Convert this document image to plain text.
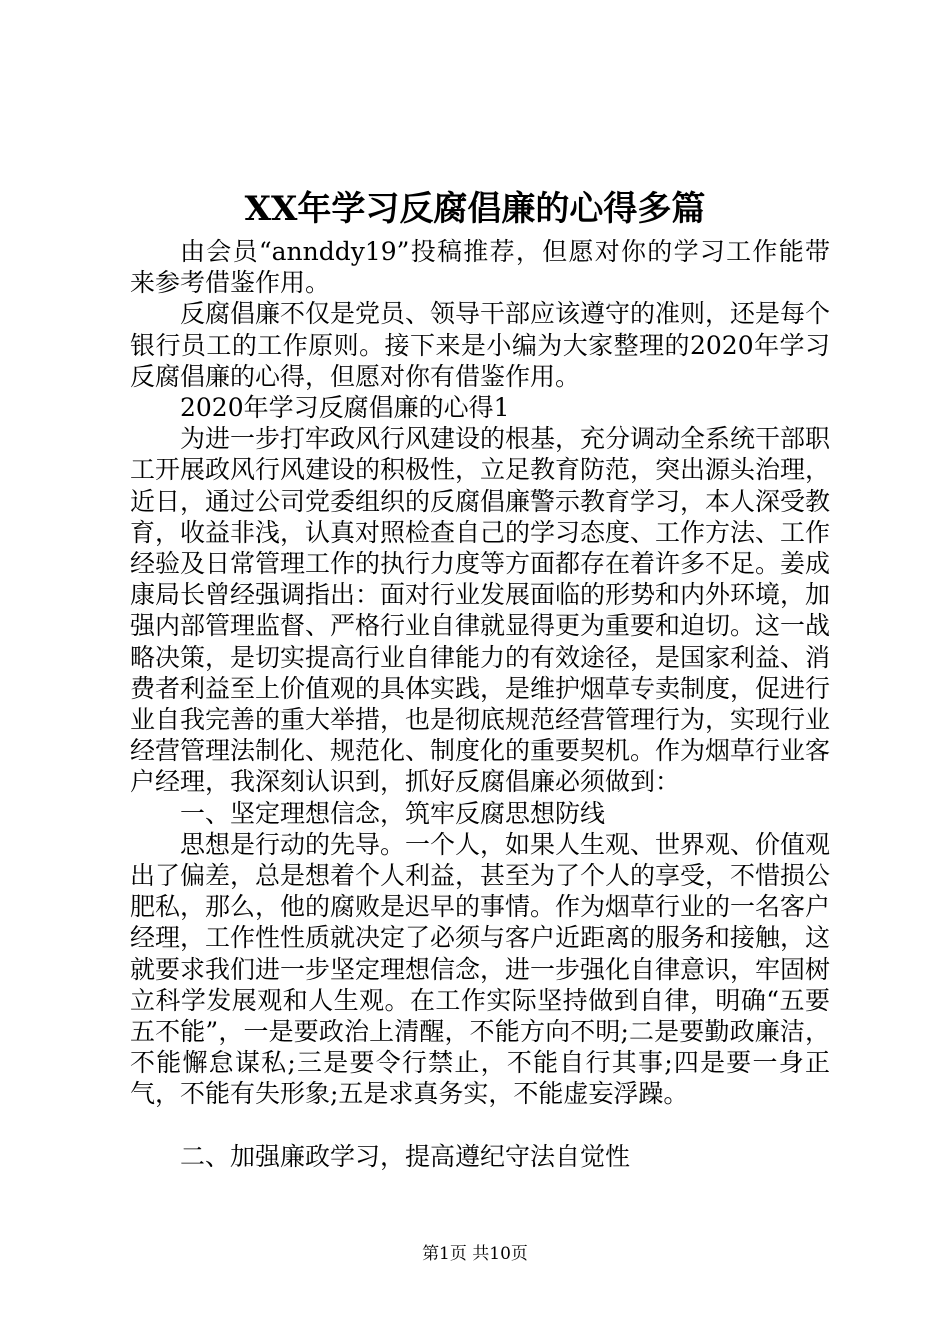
XX年学习反腐倡廉的心得多篇

由会员“annddy19”投稿推荐，但愿对你的学习工作能带来参考借鉴作用。

反腐倡廉不仅是党员、领导干部应该遵守的准则，还是每个银行员工的工作原则。接下来是小编为大家整理的2020年学习反腐倡廉的心得，但愿对你有借鉴作用。

2020年学习反腐倡廉的心得1

为进一步打牢政风行风建设的根基，充分调动全系统干部职工开展政风行风建设的积极性，立足教育防范，突出源头治理，近日，通过公司党委组织的反腐倡廉警示教育学习，本人深受教育，收益非浅，认真对照检查自己的学习态度、工作方法、工作经验及日常管理工作的执行力度等方面都存在着许多不足。姜成康局长曾经强调指出：面对行业发展面临的形势和内外环境，加强内部管理监督、严格行业自律就显得更为重要和迫切。这一战略决策，是切实提高行业自律能力的有效途径，是国家利益、消费者利益至上价值观的具体实践，是维护烟草专卖制度，促进行业自我完善的重大举措，也是彻底规范经营管理行为，实现行业经营管理法制化、规范化、制度化的重要契机。作为烟草行业客户经理，我深刻认识到，抓好反腐倡廉必须做到：

一、坚定理想信念，筑牢反腐思想防线

思想是行动的先导。一个人，如果人生观、世界观、价值观出了偏差，总是想着个人利益，甚至为了个人的享受，不惜损公肥私，那么，他的腐败是迟早的事情。作为烟草行业的一名客户经理，工作性性质就决定了必须与客户近距离的服务和接触，这就要求我们进一步坚定理想信念，进一步强化自律意识，牢固树立科学发展观和人生观。在工作实际坚持做到自律，明确“五要五不能”，一是要政治上清醒，不能方向不明;二是要勤政廉洁，不能懈怠谋私;三是要令行禁止，不能自行其事;四是要一身正气，不能有失形象;五是求真务实，不能虚妄浮躁。

二、加强廉政学习，提高遵纪守法自觉性

第1页 共10页
